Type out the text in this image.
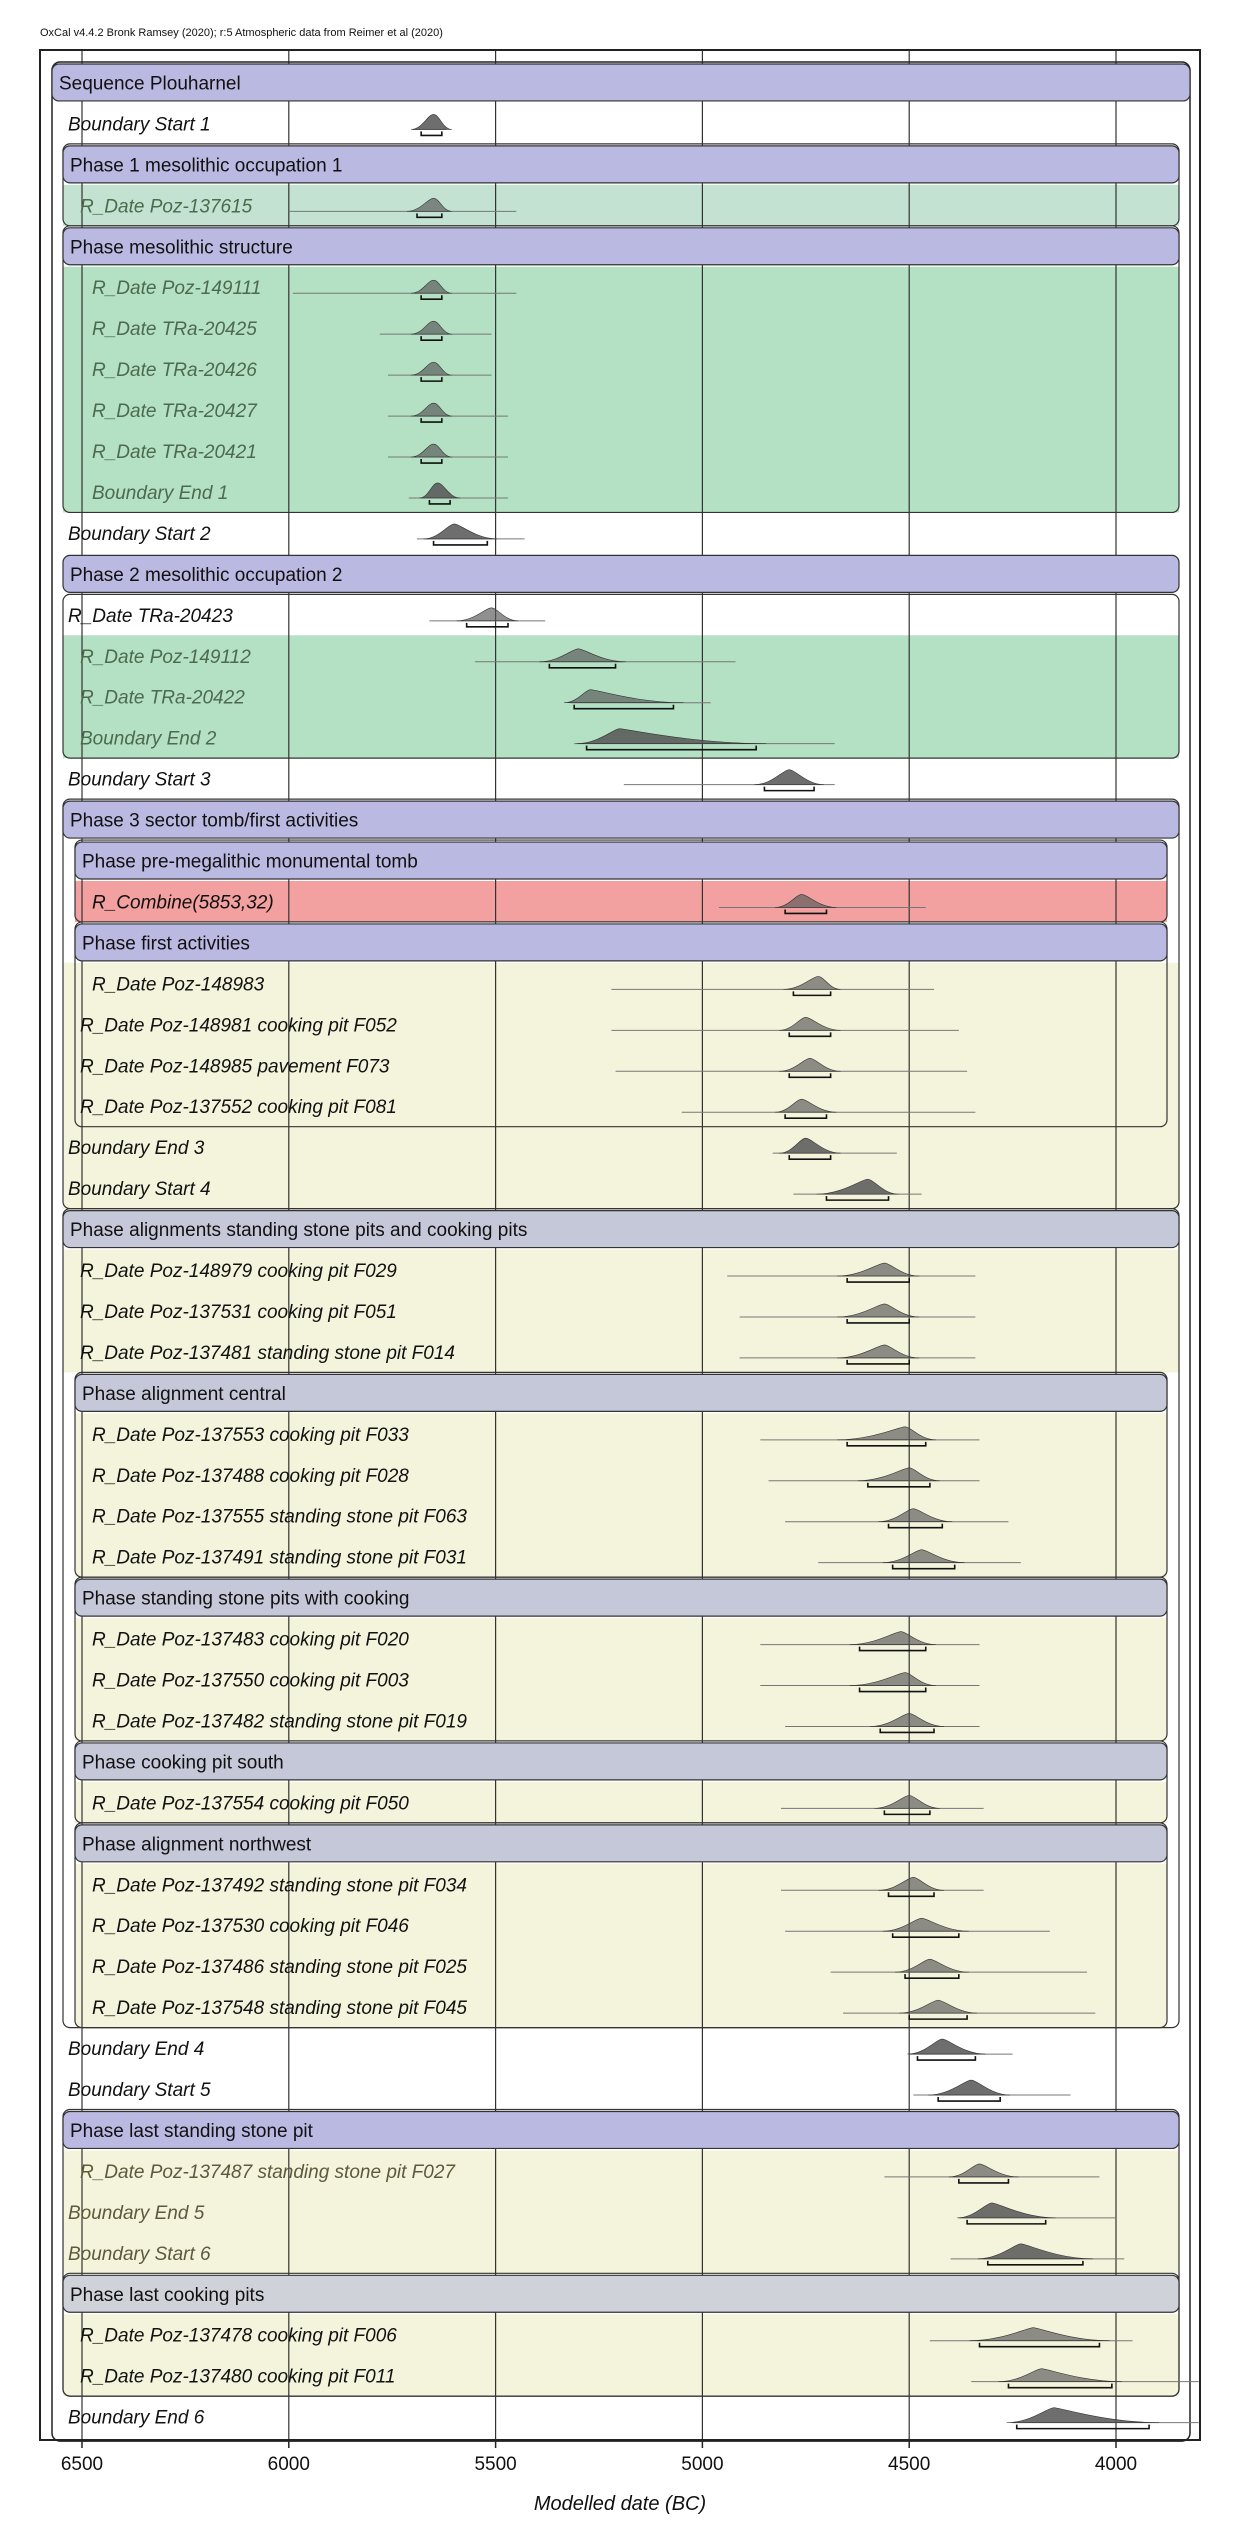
Sequence Plouharnel
Boundary Start 1
Phase 1 mesolithic occupation 1
R_Date Poz-137615
Phase mesolithic structure
R_Date Poz-149111
R_Date TRa-20425
R_Date TRa-20426
R_Date TRa-20427
R_Date TRa-20421
Boundary End 1
Boundary Start 2
Phase 2 mesolithic occupation 2
R_Date TRa-20423
R_Date Poz-149112
R_Date TRa-20422
Boundary End 2
Boundary Start 3
Phase 3 sector tomb/first activities
Phase pre-megalithic monumental tomb
R_Combine(5853,32)
Phase first activities
R_Date Poz-148983
R_Date Poz-148981 cooking pit F052
R_Date Poz-148985 pavement F073
R_Date Poz-137552 cooking pit F081
Boundary End 3
Boundary Start 4
Phase alignments standing stone pits and cooking pits
R_Date Poz-148979 cooking pit F029
R_Date Poz-137531 cooking pit F051
R_Date Poz-137481 standing stone pit F014
Phase alignment central
R_Date Poz-137553 cooking pit F033
R_Date Poz-137488 cooking pit F028
R_Date Poz-137555 standing stone pit F063
R_Date Poz-137491 standing stone pit F031
Phase standing stone pits with cooking
R_Date Poz-137483 cooking pit F020
R_Date Poz-137550 cooking pit F003
R_Date Poz-137482 standing stone pit F019
Phase cooking pit south
R_Date Poz-137554 cooking pit F050
Phase alignment northwest
R_Date Poz-137492 standing stone pit F034
R_Date Poz-137530 cooking pit F046
R_Date Poz-137486 standing stone pit F025
R_Date Poz-137548 standing stone pit F045
Boundary End 4
Boundary Start 5
Phase last standing stone pit
R_Date Poz-137487 standing stone pit F027
Boundary End 5
Boundary Start 6
Phase last cooking pits
R_Date Poz-137478 cooking pit F006
R_Date Poz-137480 cooking pit F011
Boundary End 6
6500	6000	5500	5000	4500	4000
OxCal v4.4.2 Bronk Ramsey (2020); r:5 Atmospheric data from Reimer et al (2020)
Modelled date (BC)
